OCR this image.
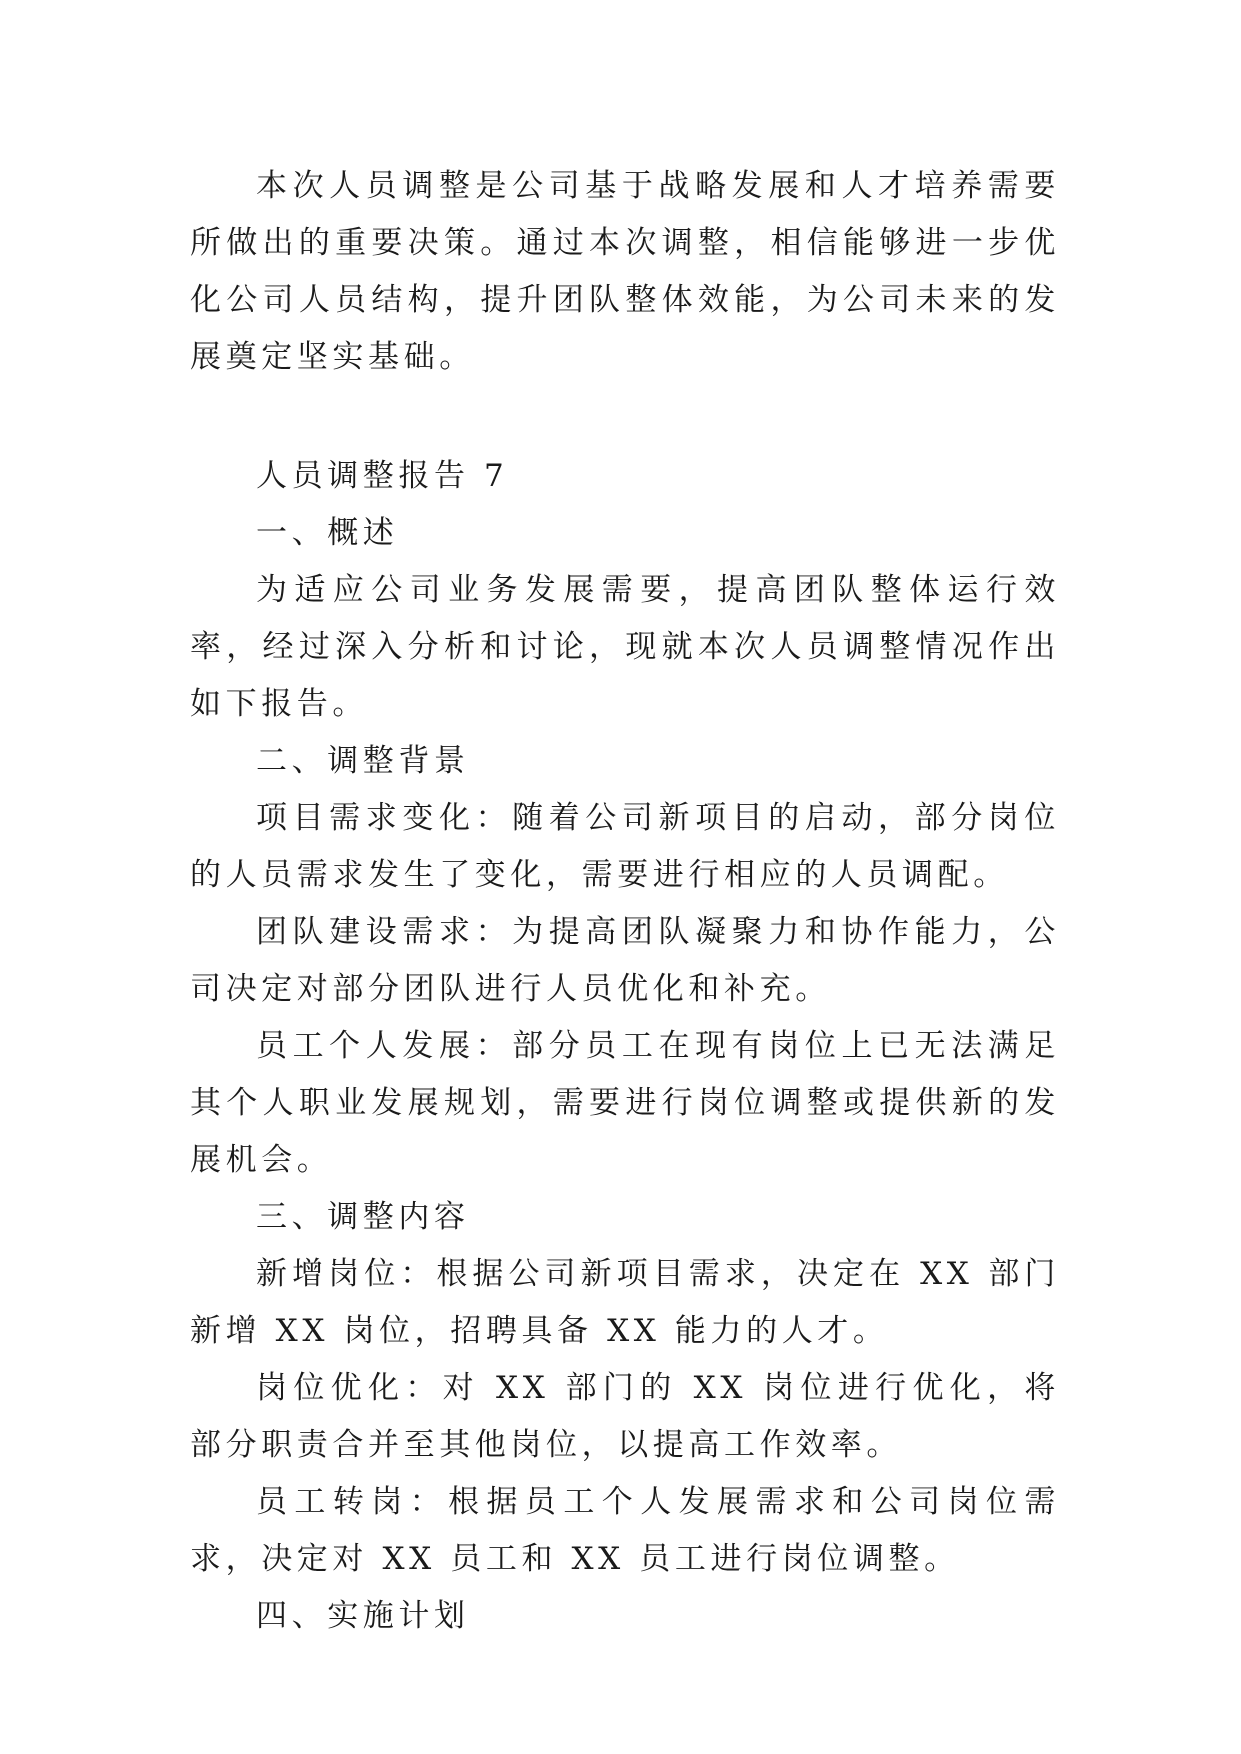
本次人员调整是公司基于战略发展和人才培养需要所做出的重要决策。通过本次调整，相信能够进一步优化公司人员结构，提升团队整体效能，为公司未来的发展奠定坚实基础。

人员调整报告 7

一、概述

为适应公司业务发展需要，提高团队整体运行效率，经过深入分析和讨论，现就本次人员调整情况作出如下报告。

二、调整背景

项目需求变化：随着公司新项目的启动，部分岗位的人员需求发生了变化，需要进行相应的人员调配。

团队建设需求：为提高团队凝聚力和协作能力，公司决定对部分团队进行人员优化和补充。

员工个人发展：部分员工在现有岗位上已无法满足其个人职业发展规划，需要进行岗位调整或提供新的发展机会。

三、调整内容

新增岗位：根据公司新项目需求，决定在 XX 部门新增 XX 岗位，招聘具备 XX 能力的人才。

岗位优化：对 XX 部门的 XX 岗位进行优化，将部分职责合并至其他岗位，以提高工作效率。

员工转岗：根据员工个人发展需求和公司岗位需求，决定对 XX 员工和 XX 员工进行岗位调整。

四、实施计划
